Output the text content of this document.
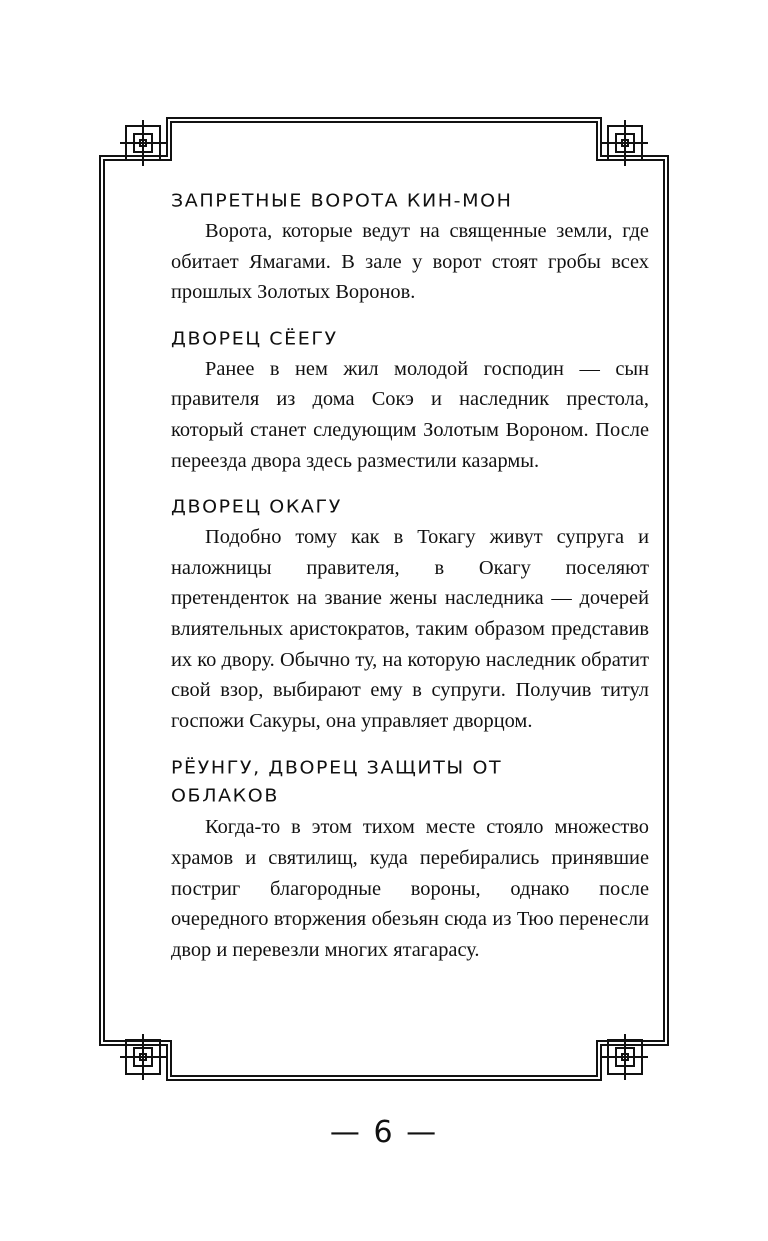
ЗАПРЕТНЫЕ ВОРОТА КИН-МОН

Ворота, которые ведут на священные земли, где обитает Ямагами. В зале у ворот стоят гробы всех прошлых Золотых Воронов.

ДВОРЕЦ СЁЕГУ

Ранее в нем жил молодой господин — сын правителя из дома Сокэ и наследник престола, который станет следующим Золотым Вороном. После переезда двора здесь разместили казармы.

ДВОРЕЦ ОКАГУ

Подобно тому как в Токагу живут супруга и наложницы правителя, в Окагу поселяют претенденток на звание жены наследника — дочерей влиятельных аристократов, таким образом представив их ко двору. Обычно ту, на которую наследник обратит свой взор, выбирают ему в супруги. Получив титул госпожи Сакуры, она управляет дворцом.

РЁУНГУ, ДВОРЕЦ ЗАЩИТЫ ОТ ОБЛАКОВ

Когда-то в этом тихом месте стояло множество храмов и святилищ, куда перебирались принявшие постриг благородные вороны, однако после очередного вторжения обезьян сюда из Тюо перенесли двор и перевезли многих ятагарасу.

— 6 —
